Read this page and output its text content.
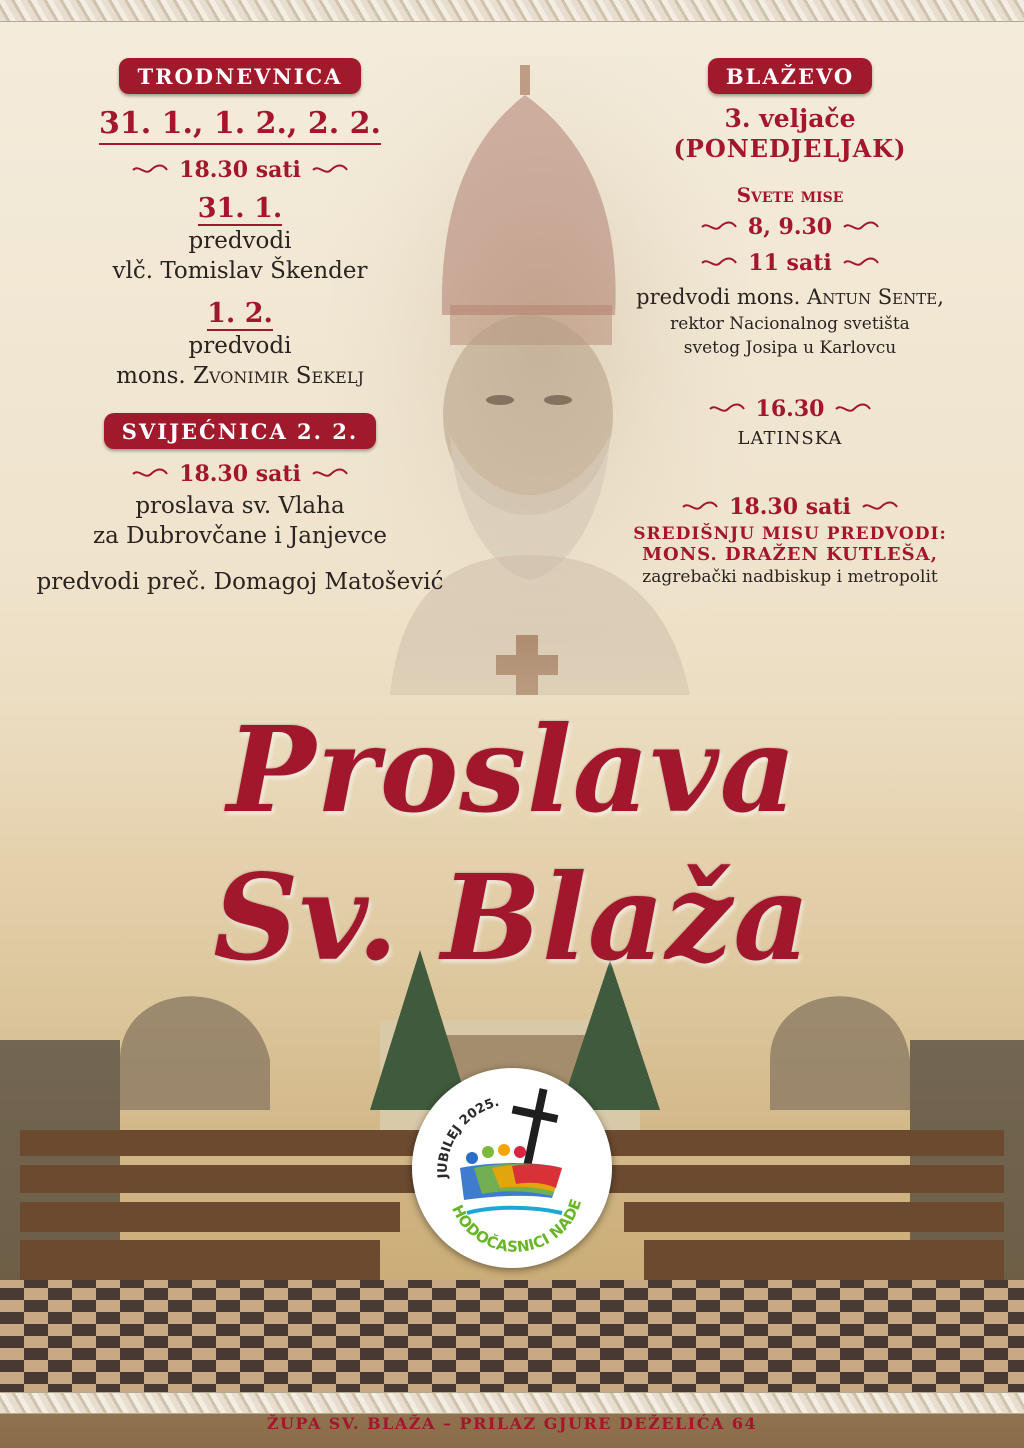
TRODNEVNICA
31. 1., 1. 2., 2. 2.
18.30 sati
31. 1.
predvodi
vlč. Tomislav Škender
1. 2.
predvodi
mons. Zvonimir Sekelj
SVIJEĆNICA 2. 2.
18.30 sati
proslava sv. Vlaha
za Dubrovčane i Janjevce
predvodi preč. Domagoj Matošević
BLAŽEVO
3. veljače
(PONEDJELJAK)
Svete mise
8, 9.30
11 sati
predvodi mons. Antun Sente,
rektor Nacionalnog svetišta
svetog Josipa u Karlovcu
16.30
LATINSKA
18.30 sati
SREDIŠNJU MISU PREDVODI:
MONS. DRAŽEN KUTLEŠA,
zagrebački nadbiskup i metropolit
Proslava
Sv. Blaža
JUBILEJ 2025.
HODOČASNICI NADE
ŽUPA SV. BLAŽA – PRILAZ GJURE DEŽELIĆA 64
